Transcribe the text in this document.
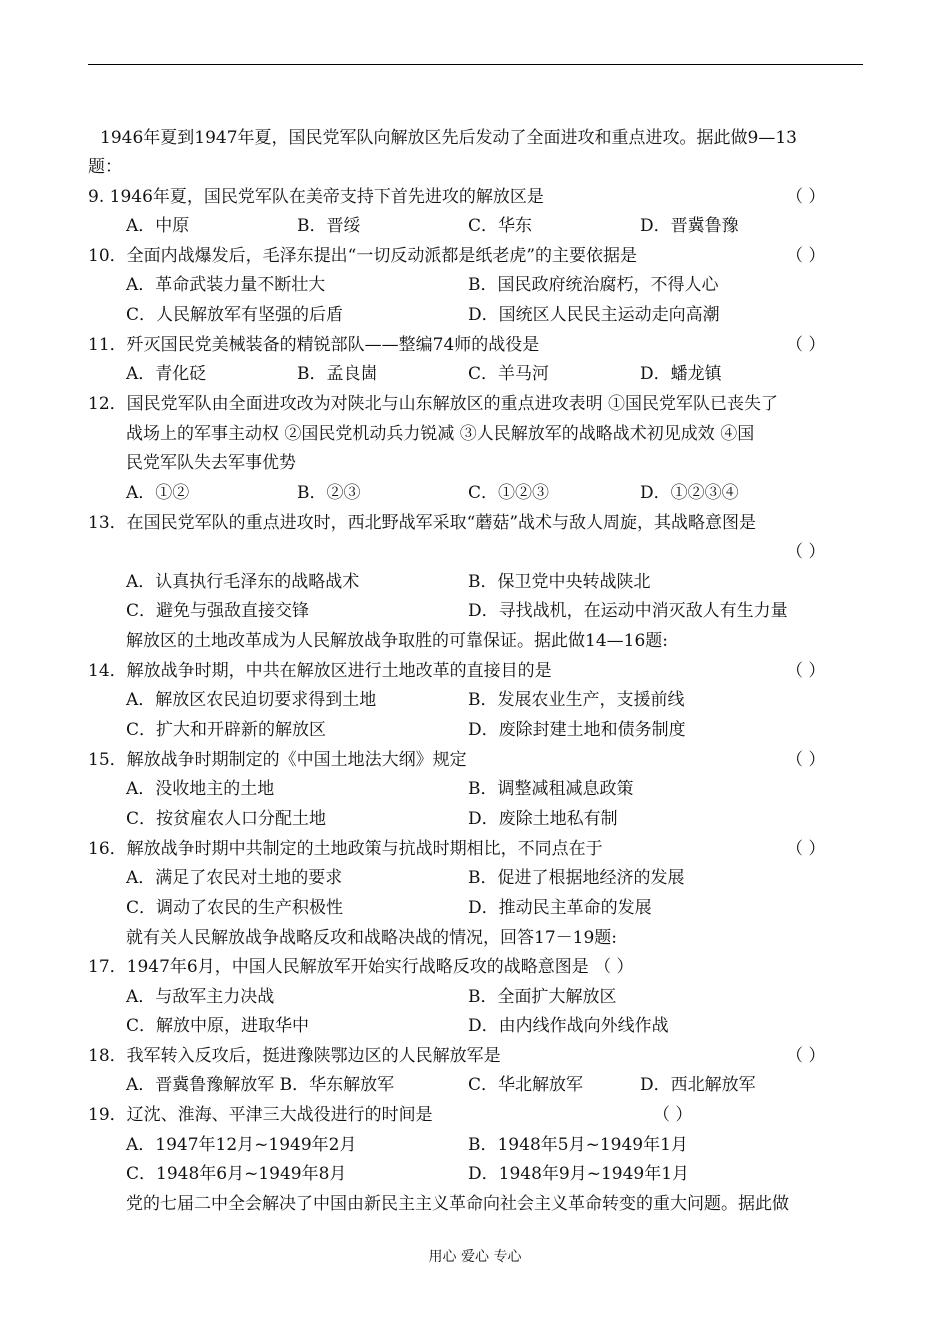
1946年夏到1947年夏，国民党军队向解放区先后发动了全面进攻和重点进攻。据此做9—13
题：
9. 1946年夏，国民党军队在美帝支持下首先进攻的解放区是	（ ）
A．中原	B．晋绥	C．华东	D．晋冀鲁豫
10．全面内战爆发后，毛泽东提出“一切反动派都是纸老虎”的主要依据是	（ ）
A．革命武装力量不断壮大	B．国民政府统治腐朽，不得人心
C．人民解放军有坚强的后盾	D．国统区人民民主运动走向高潮
11．歼灭国民党美械装备的精锐部队——整编74师的战役是	（ ）
A．青化砭	B．孟良崮	C．羊马河	D．蟠龙镇
12．国民党军队由全面进攻改为对陕北与山东解放区的重点进攻表明 ①国民党军队已丧失了
战场上的军事主动权 ②国民党机动兵力锐减 ③人民解放军的战略战术初见成效 ④国
民党军队失去军事优势
A．①②	B．②③	C．①②③	D．①②③④
13．在国民党军队的重点进攻时，西北野战军采取“蘑菇”战术与敌人周旋，其战略意图是
（ ）
A．认真执行毛泽东的战略战术	B．保卫党中央转战陕北
C．避免与强敌直接交锋	D．寻找战机，在运动中消灭敌人有生力量
解放区的土地改革成为人民解放战争取胜的可靠保证。据此做14—16题:
14．解放战争时期，中共在解放区进行土地改革的直接目的是	（ ）
A．解放区农民迫切要求得到土地	B．发展农业生产，支援前线
C．扩大和开辟新的解放区	D．废除封建土地和债务制度
15．解放战争时期制定的《中国土地法大纲》规定	（ ）
A．没收地主的土地	B．调整减租减息政策
C．按贫雇农人口分配土地	D．废除土地私有制
16．解放战争时期中共制定的土地政策与抗战时期相比，不同点在于	（ ）
A．满足了农民对土地的要求	B．促进了根据地经济的发展
C．调动了农民的生产积极性	D．推动民主革命的发展
就有关人民解放战争战略反攻和战略决战的情况，回答17－19题:
17．1947年6月，中国人民解放军开始实行战略反攻的战略意图是 （ ）
A．与敌军主力决战	B．全面扩大解放区
C．解放中原，进取华中	D．由内线作战向外线作战
18．我军转入反攻后，挺进豫陕鄂边区的人民解放军是	（ ）
A．晋冀鲁豫解放军 B．华东解放军	C．华北解放军	D．西北解放军
19．辽沈、淮海、平津三大战役进行的时间是	（ ）
A．1947年12月~1949年2月	B．1948年5月~1949年1月
C．1948年6月~1949年8月	D．1948年9月~1949年1月
党的七届二中全会解决了中国由新民主主义革命向社会主义革命转变的重大问题。据此做
用心 爱心 专心
